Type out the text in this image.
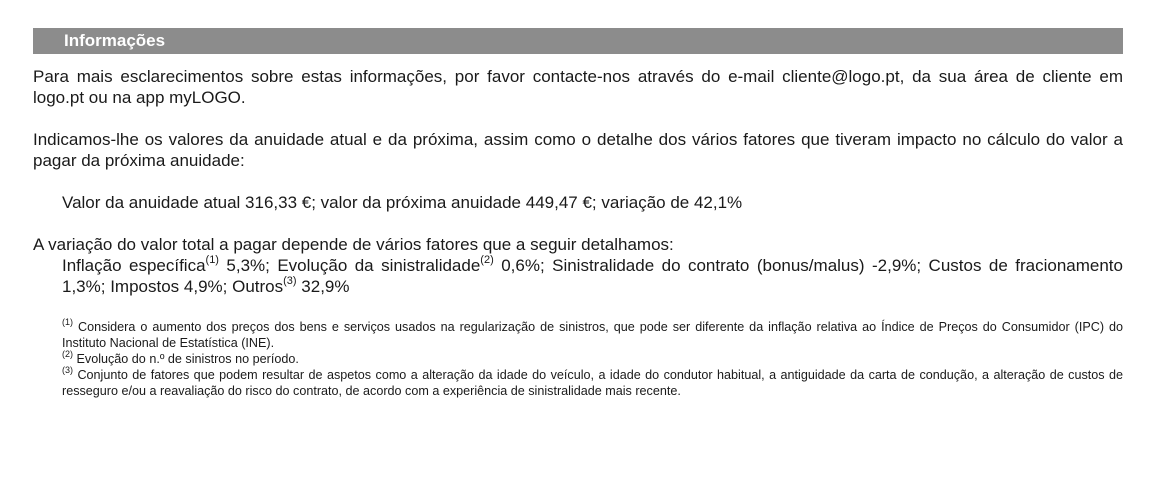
Informações

Para mais esclarecimentos sobre estas informações, por favor contacte-nos através do e-mail cliente@logo.pt, da sua área de cliente em logo.pt ou na app myLOGO.

Indicamos-lhe os valores da anuidade atual e da próxima, assim como o detalhe dos vários fatores que tiveram impacto no cálculo do valor a pagar da próxima anuidade:

Valor da anuidade atual 316,33 €; valor da próxima anuidade 449,47 €; variação de 42,1%

A variação do valor total a pagar depende de vários fatores que a seguir detalhamos:

Inflação específica$^{(1)}$ 5,3%; Evolução da sinistralidade$^{(2)}$ 0,6%; Sinistralidade do contrato (bonus/malus) -2,9%; Custos de fracionamento 1,3%; Impostos 4,9%; Outros$^{(3)}$ 32,9%

$^{(1)}$ Considera o aumento dos preços dos bens e serviços usados na regularização de sinistros, que pode ser diferente da inflação relativa ao Índice de Preços do Consumidor (IPC) do Instituto Nacional de Estatística (INE).

$^{(2)}$ Evolução do n.º de sinistros no período.

$^{(3)}$ Conjunto de fatores que podem resultar de aspetos como a alteração da idade do veículo, a idade do condutor habitual, a antiguidade da carta de condução, a alteração de custos de resseguro e/ou a reavaliação do risco do contrato, de acordo com a experiência de sinistralidade mais recente.
